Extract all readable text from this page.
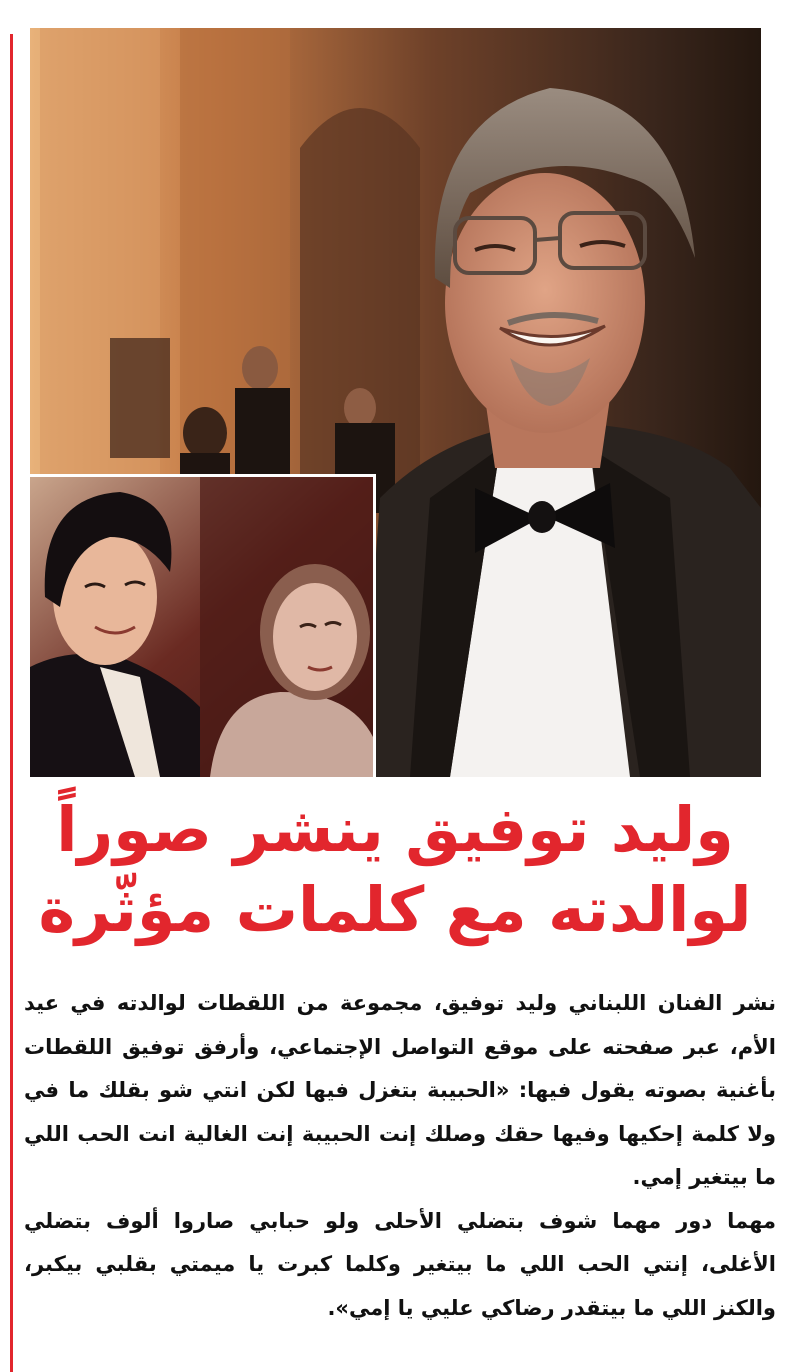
وليد توفيق ينشر صوراً
لوالدته مع كلمات مؤثّرة

نشر الفنان اللبناني وليد توفيق، مجموعة من اللقطات لوالدته في عيد الأم، عبر صفحته على موقع التواصل الإجتماعي، وأرفق توفيق اللقطات بأغنية بصوته يقول فيها: «الحبيبة بتغزل فيها لكن انتي شو بقلك ما في ولا كلمة إحكيها وفيها حقك وصلك إنت الحبيبة إنت الغالية انت الحب اللي ما بيتغير إمي.

مهما دور مهما شوف بتضلي الأحلى ولو حبابي صاروا ألوف بتضلي الأغلى، إنتي الحب اللي ما بيتغير وكلما كبرت يا ميمتي بقلبي بيكبر، والكنز اللي ما بيتقدر رضاكي عليي يا إمي».
